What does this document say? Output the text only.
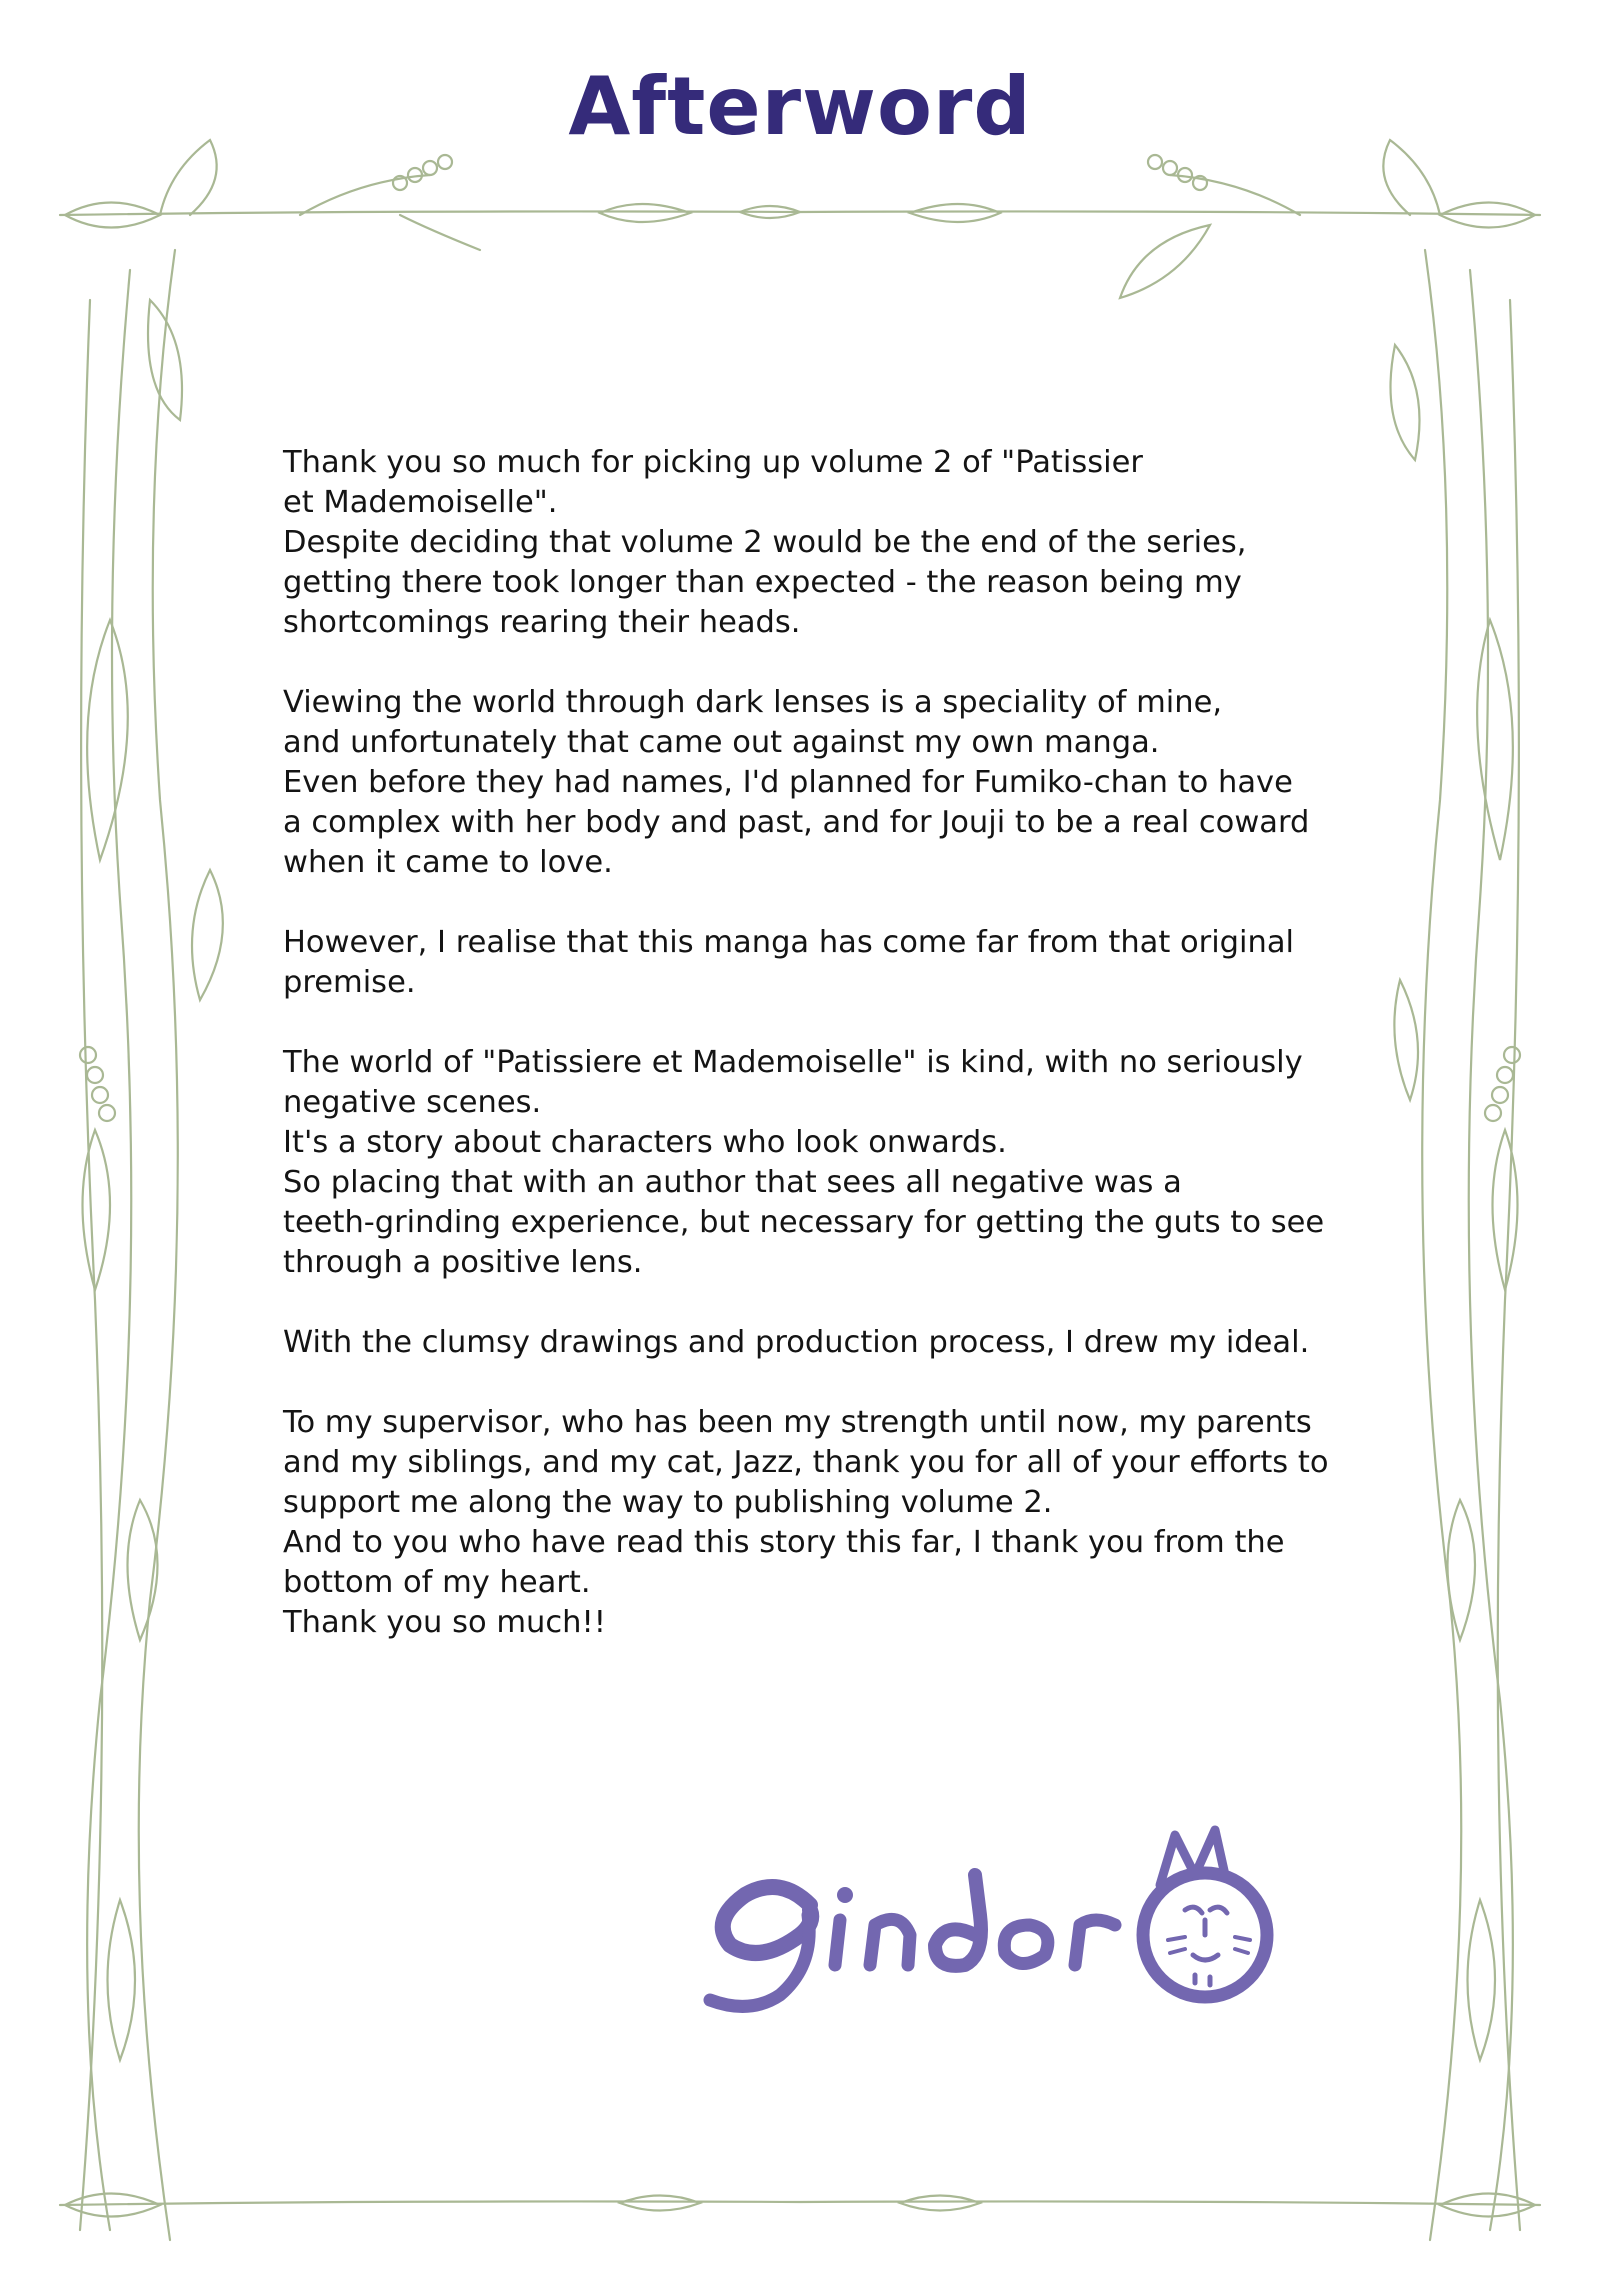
Afterword

Thank you so much for picking up volume 2 of "Patissier
et Mademoiselle".
Despite deciding that volume 2 would be the end of the series,
getting there took longer than expected - the reason being my
shortcomings rearing their heads.

Viewing the world through dark lenses is a speciality of mine,
and unfortunately that came out against my own manga.
Even before they had names, I'd planned for Fumiko-chan to have
a complex with her body and past, and for Jouji to be a real coward
when it came to love.

However, I realise that this manga has come far from that original
premise.

The world of "Patissiere et Mademoiselle" is kind, with no seriously
negative scenes.
It's a story about characters who look onwards.
So placing that with an author that sees all negative was a
teeth-grinding experience, but necessary for getting the guts to see
through a positive lens.

With the clumsy drawings and production process, I drew my ideal.

To my supervisor, who has been my strength until now, my parents
and my siblings, and my cat, Jazz, thank you for all of your efforts to
support me along the way to publishing volume 2.
And to you who have read this story this far, I thank you from the
bottom of my heart.
Thank you so much!!
